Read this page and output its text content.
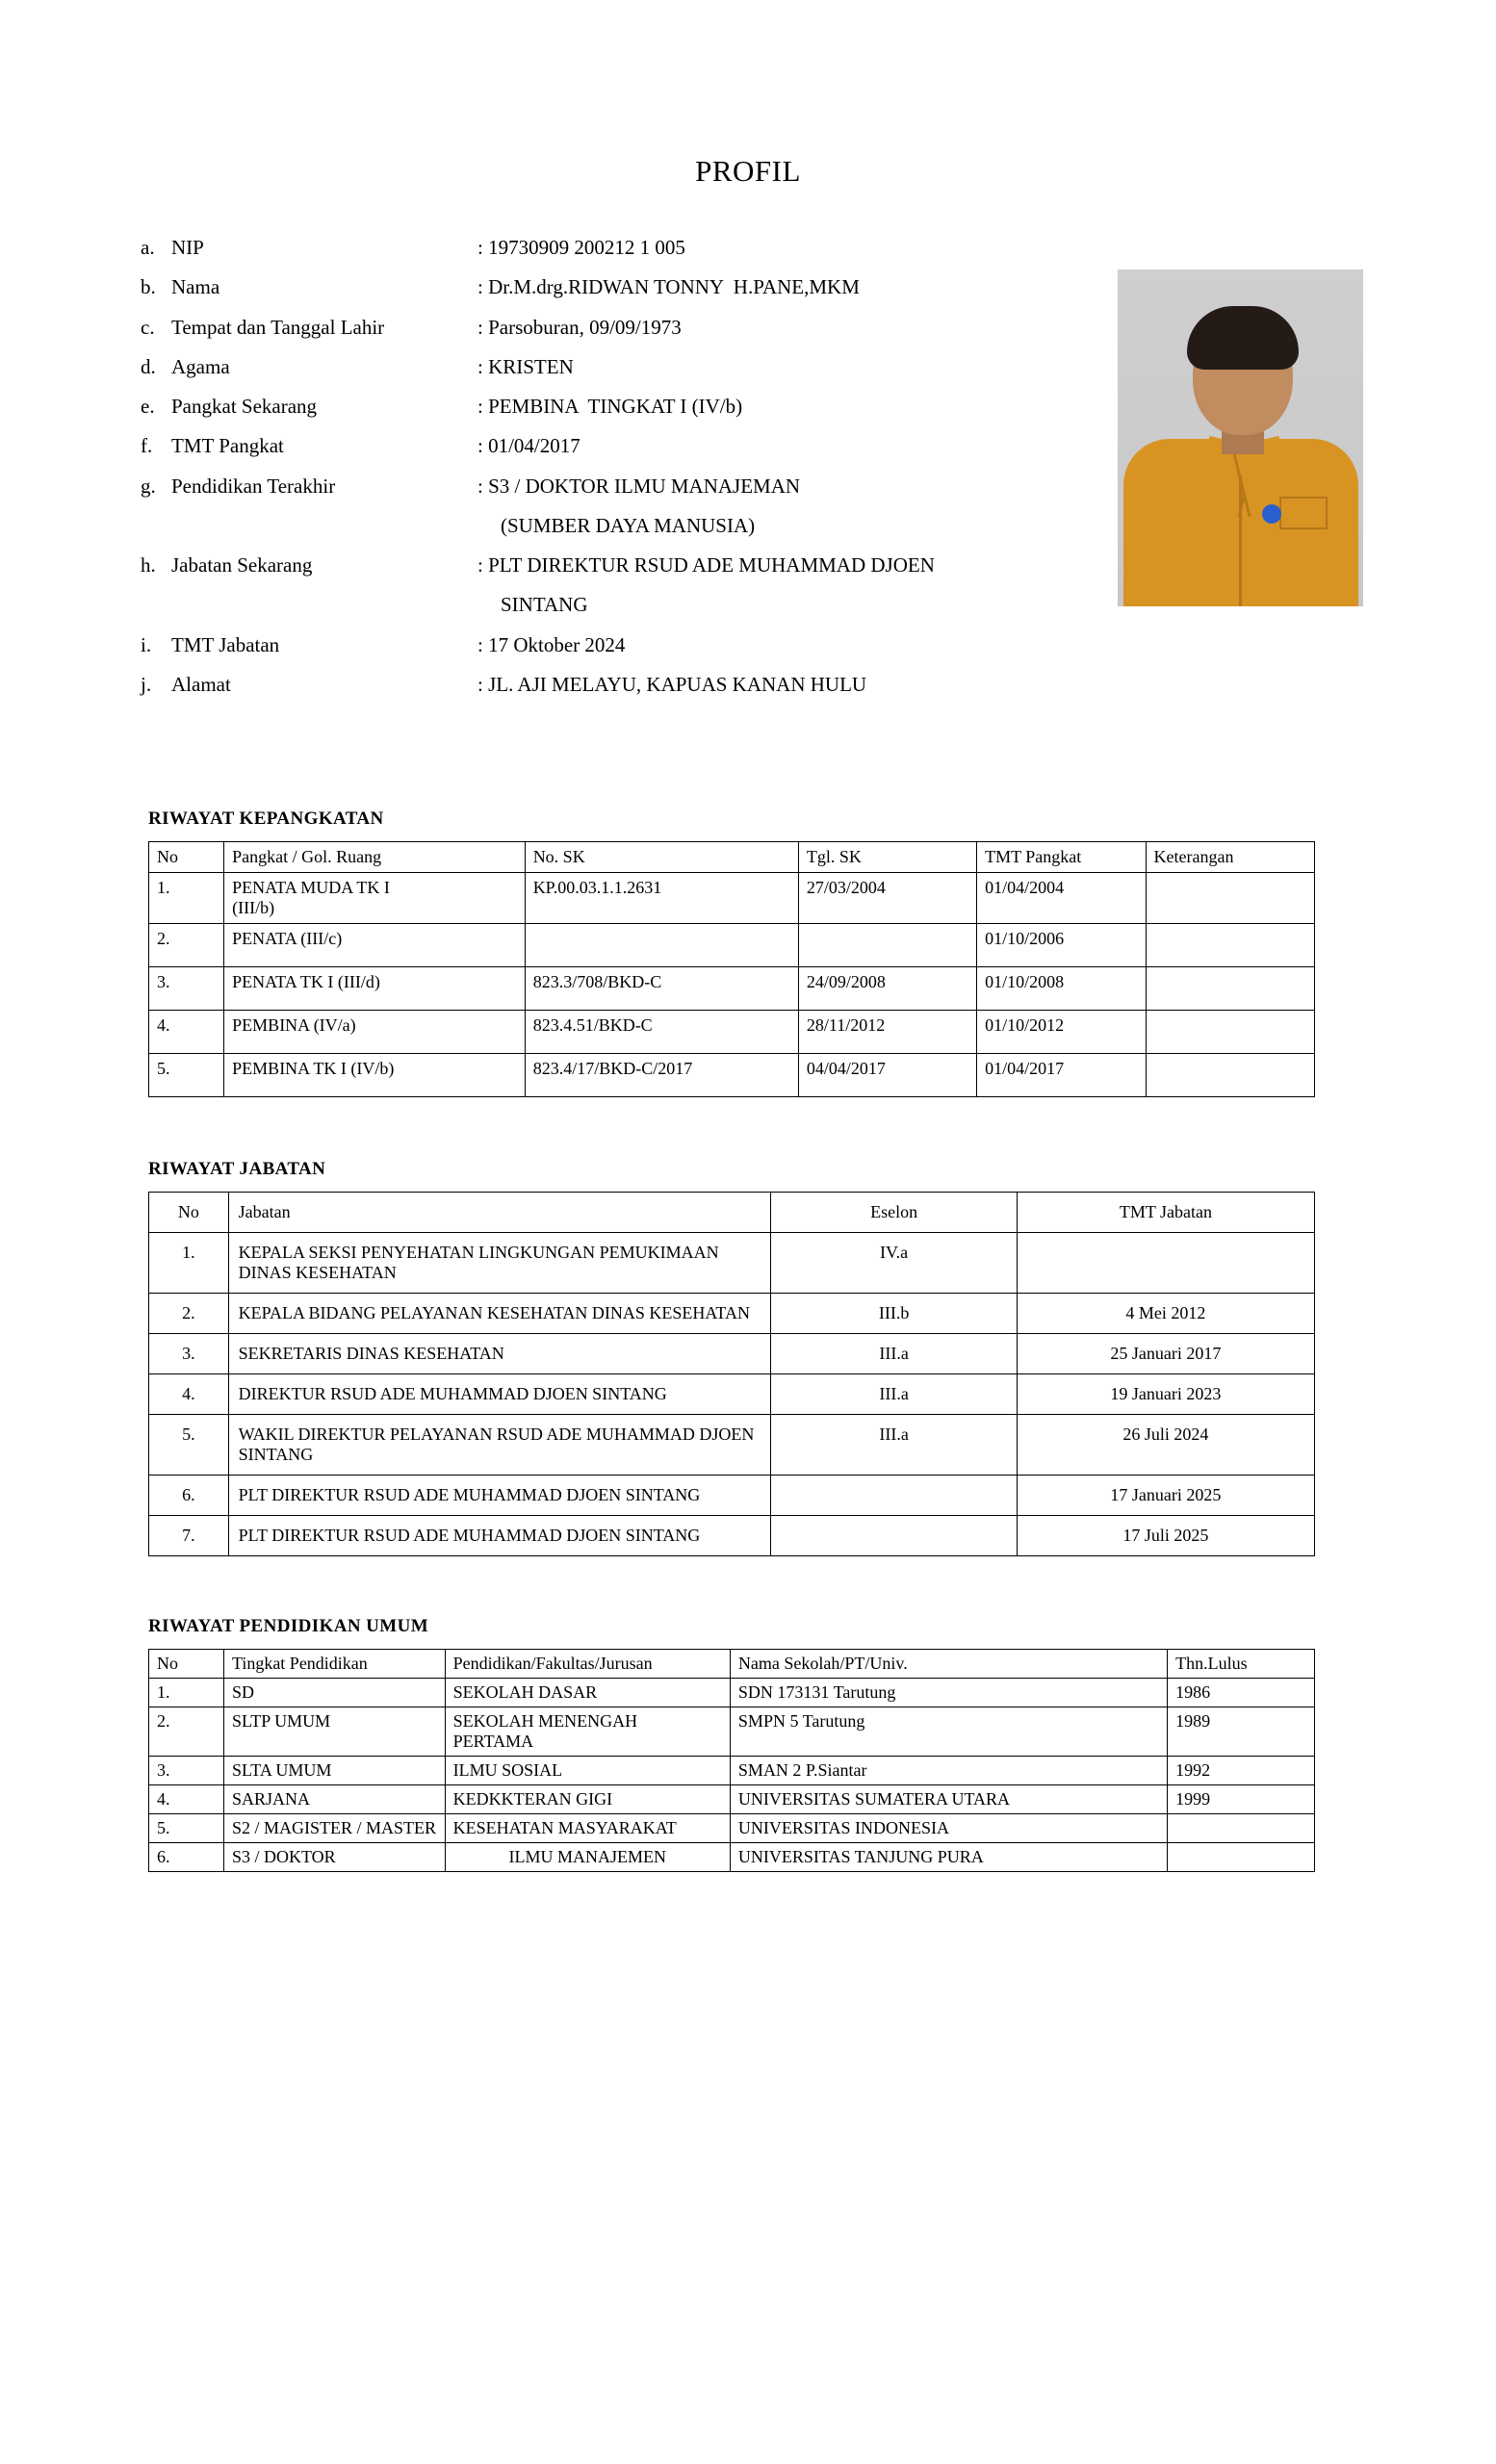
PROFIL
a. NIP	: 19730909 200212 1 005
b. Nama	: Dr.M.drg.RIDWAN TONNY  H.PANE,MKM
c. Tempat dan Tanggal Lahir	: Parsoburan, 09/09/1973
d. Agama	: KRISTEN
e. Pangkat Sekarang	: PEMBINA  TINGKAT I (IV/b)
f. TMT Pangkat	: 01/04/2017
g. Pendidikan Terakhir	: S3 / DOKTOR ILMU MANAJEMAN
(SUMBER DAYA MANUSIA)
h. Jabatan Sekarang	: PLT DIREKTUR RSUD ADE MUHAMMAD DJOEN
SINTANG
i. TMT Jabatan	: 17 Oktober 2024
j. Alamat	: JL. AJI MELAYU, KAPUAS KANAN HULU
RIWAYAT KEPANGKATAN
No	Pangkat / Gol. Ruang	No. SK	Tgl. SK	TMT Pangkat	Keterangan
1.	PENATA MUDA TK I
(III/b)	KP.00.03.1.1.2631	27/03/2004	01/04/2004	
2.	PENATA (III/c)			01/10/2006	
3.	PENATA TK I (III/d)	823.3/708/BKD-C	24/09/2008	01/10/2008	
4.	PEMBINA (IV/a)	823.4.51/BKD-C	28/11/2012	01/10/2012	
5.	PEMBINA TK I (IV/b)	823.4/17/BKD-C/2017	04/04/2017	01/04/2017	
RIWAYAT JABATAN
No	Jabatan	Eselon	TMT Jabatan
1.	KEPALA SEKSI PENYEHATAN LINGKUNGAN PEMUKIMAAN DINAS KESEHATAN	IV.a	
2.	KEPALA BIDANG PELAYANAN KESEHATAN DINAS KESEHATAN	III.b	4 Mei 2012
3.	SEKRETARIS DINAS KESEHATAN	III.a	25 Januari 2017
4.	DIREKTUR RSUD ADE MUHAMMAD DJOEN SINTANG	III.a	19 Januari 2023
5.	WAKIL DIREKTUR PELAYANAN RSUD ADE MUHAMMAD DJOEN SINTANG	III.a	26 Juli 2024
6.	PLT DIREKTUR RSUD ADE MUHAMMAD DJOEN SINTANG		17 Januari 2025
7.	PLT DIREKTUR RSUD ADE MUHAMMAD DJOEN SINTANG		17 Juli 2025
RIWAYAT PENDIDIKAN UMUM
No	Tingkat Pendidikan	Pendidikan/Fakultas/Jurusan	Nama Sekolah/PT/Univ.	Thn.Lulus
1.	SD	SEKOLAH DASAR	SDN 173131 Tarutung	1986
2.	SLTP UMUM	SEKOLAH MENENGAH PERTAMA	SMPN 5 Tarutung	1989
3.	SLTA UMUM	ILMU SOSIAL	SMAN 2 P.Siantar	1992
4.	SARJANA	KEDKKTERAN GIGI	UNIVERSITAS SUMATERA UTARA	1999
5.	S2 / MAGISTER / MASTER	KESEHATAN MASYARAKAT	UNIVERSITAS INDONESIA	
6.	S3 / DOKTOR	ILMU MANAJEMEN	UNIVERSITAS TANJUNG PURA	
